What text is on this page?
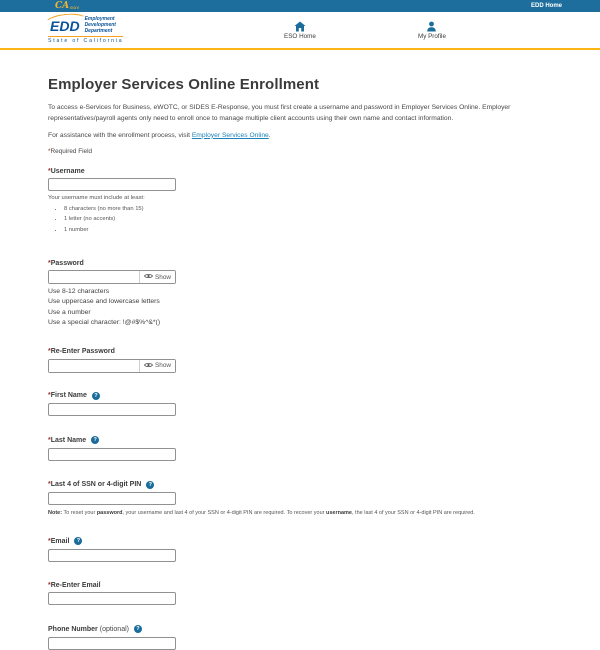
CA GOV	EDD Home
EDD	Employment
Development
Department
State of California
ESO Home	My Profile
Employer Services Online Enrollment

To access e-Services for Business, eWOTC, or SIDES E-Response, you must first create a username and password in Employer Services Online. Employer representatives/payroll agents only need to enroll once to manage multiple client accounts using their own name and contact information.

For assistance with the enrollment process, visit Employer Services Online.

*Required Field

* Username
Your username must include at least:
• 8 characters (no more than 15)
• 1 letter (no accents)
• 1 number
* Password
Show
Use 8-12 characters
Use uppercase and lowercase letters
Use a number
Use a special character: !@#$%^&*()
* Re-Enter Password
Show
* First Name	?
* Last Name	?
* Last 4 of SSN or 4-digit PIN	?
Note: To reset your password, your username and last 4 of your SSN or 4-digit PIN are required. To recover your username, the last 4 of your SSN or 4-digit PIN are required.
* Email	?
* Re-Enter Email
Phone Number (optional)	?
